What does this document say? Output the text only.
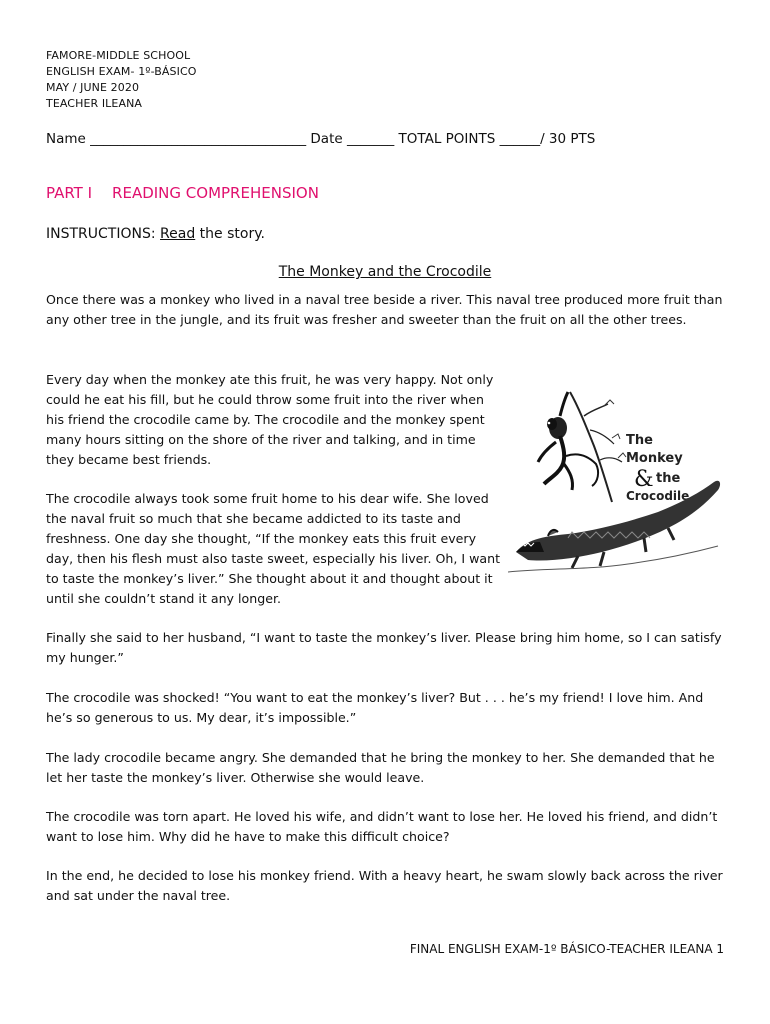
FAMORE-MIDDLE SCHOOL
ENGLISH EXAM- 1º-BÁSICO
MAY / JUNE 2020
TEACHER ILEANA
Name ________________________________ Date _______ TOTAL POINTS ______/ 30 PTS
PART I READING COMPREHENSION
INSTRUCTIONS: Read the story.
The Monkey and the Crocodile

Once there was a monkey who lived in a naval tree beside a river. This naval tree produced more fruit than any other tree in the jungle, and its fruit was fresher and sweeter than the fruit on all the other trees.

Every day when the monkey ate this fruit, he was very happy. Not only could he eat his fill, but he could throw some fruit into the river when his friend the crocodile came by. The crocodile and the monkey spent many hours sitting on the shore of the river and talking, and in time they became best friends.

The crocodile always took some fruit home to his dear wife. She loved the naval fruit so much that she became addicted to its taste and freshness. One day she thought, “If the monkey eats this fruit every day, then his flesh must also taste sweet, especially his liver. Oh, I want to taste the monkey’s liver.” She thought about it and thought about it until she couldn’t stand it any longer.

Finally she said to her husband, “I want to taste the monkey’s liver. Please bring him home, so I can satisfy my hunger.”

The crocodile was shocked! “You want to eat the monkey’s liver? But . . . he’s my friend! I love him. And he’s so generous to us. My dear, it’s impossible.”

The lady crocodile became angry. She demanded that he bring the monkey to her. She demanded that he let her taste the monkey’s liver. Otherwise she would leave.

The crocodile was torn apart. He loved his wife, and didn’t want to lose her. He loved his friend, and didn’t want to lose him. Why did he have to make this difficult choice?

In the end, he decided to lose his monkey friend. With a heavy heart, he swam slowly back across the river and sat under the naval tree.

The
Monkey
& the
Crocodile
FINAL ENGLISH EXAM-1º BÁSICO-TEACHER ILEANA 1
